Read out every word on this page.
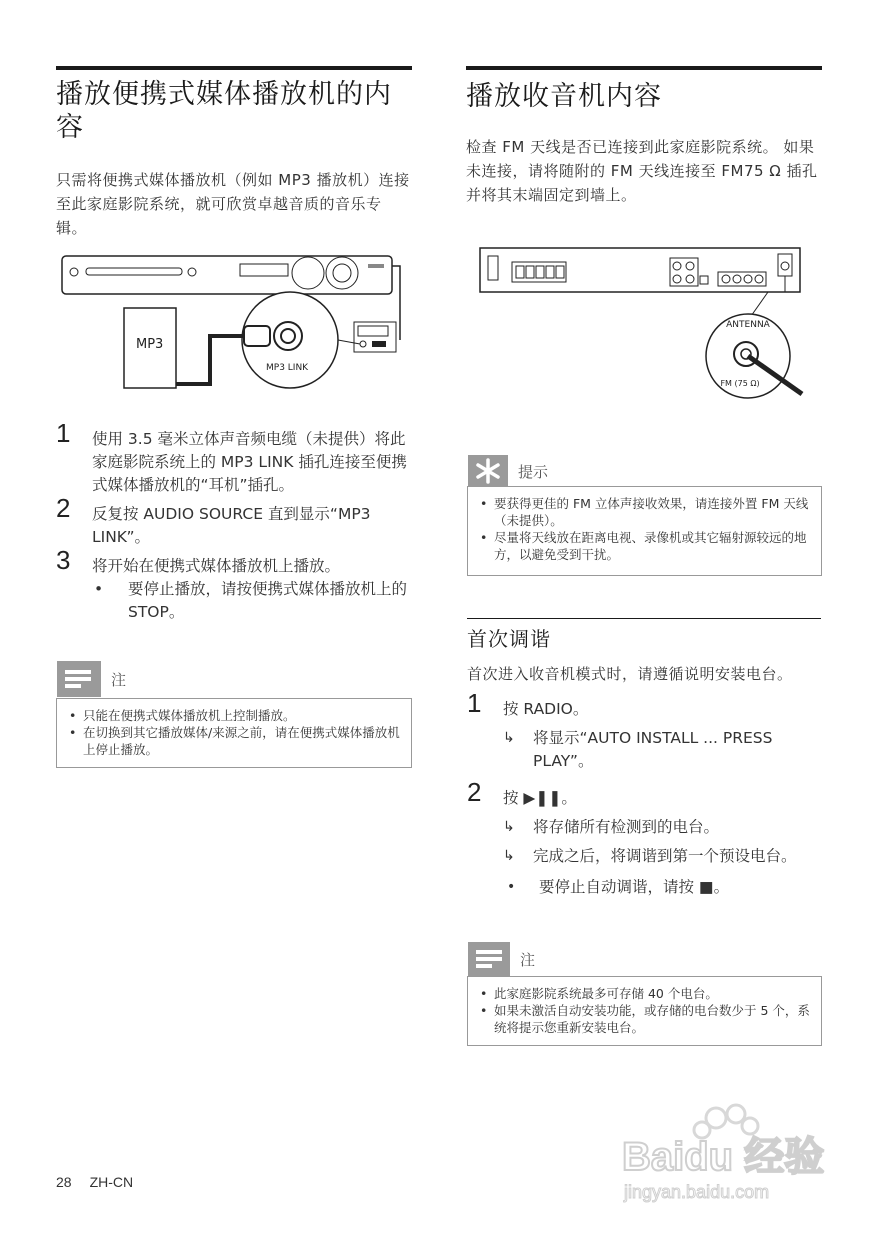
播放便携式媒体播放机的内容

只需将便携式媒体播放机（例如 MP3 播放机）连接至此家庭影院系统，就可欣赏卓越音质的音乐专辑。

MP3
MP3 LINK
1 使用 3.5 毫米立体声音频电缆（未提供）将此家庭影院系统上的 MP3 LINK 插孔连接至便携式媒体播放机的“耳机”插孔。
2 反复按 AUDIO SOURCE 直到显示“MP3 LINK”。
3 将开始在便携式媒体播放机上播放。
• 要停止播放，请按便携式媒体播放机上的 STOP。
注
• 只能在便携式媒体播放机上控制播放。
• 在切换到其它播放媒体/来源之前，请在便携式媒体播放机上停止播放。
播放收音机内容

检查 FM 天线是否已连接到此家庭影院系统。 如果未连接，请将随附的 FM 天线连接至 FM75 Ω 插孔并将其末端固定到墙上。

ANTENNA
FM (75 Ω)
提示
• 要获得更佳的 FM 立体声接收效果，请连接外置 FM 天线（未提供）。
• 尽量将天线放在距离电视、录像机或其它辐射源较远的地方，以避免受到干扰。
首次调谐

首次进入收音机模式时，请遵循说明安装电台。

1 按 RADIO。
↳ 将显示“AUTO INSTALL ... PRESS PLAY”。
2 按 ▶❚❚。
↳ 将存储所有检测到的电台。
↳ 完成之后，将调谐到第一个预设电台。
• 要停止自动调谐，请按 ■。
注
• 此家庭影院系统最多可存储 40 个电台。
• 如果未激活自动安装功能，或存储的电台数少于 5 个，系统将提示您重新安装电台。
28 ZH-CN
Baidu 经验
jingyan.baidu.com
